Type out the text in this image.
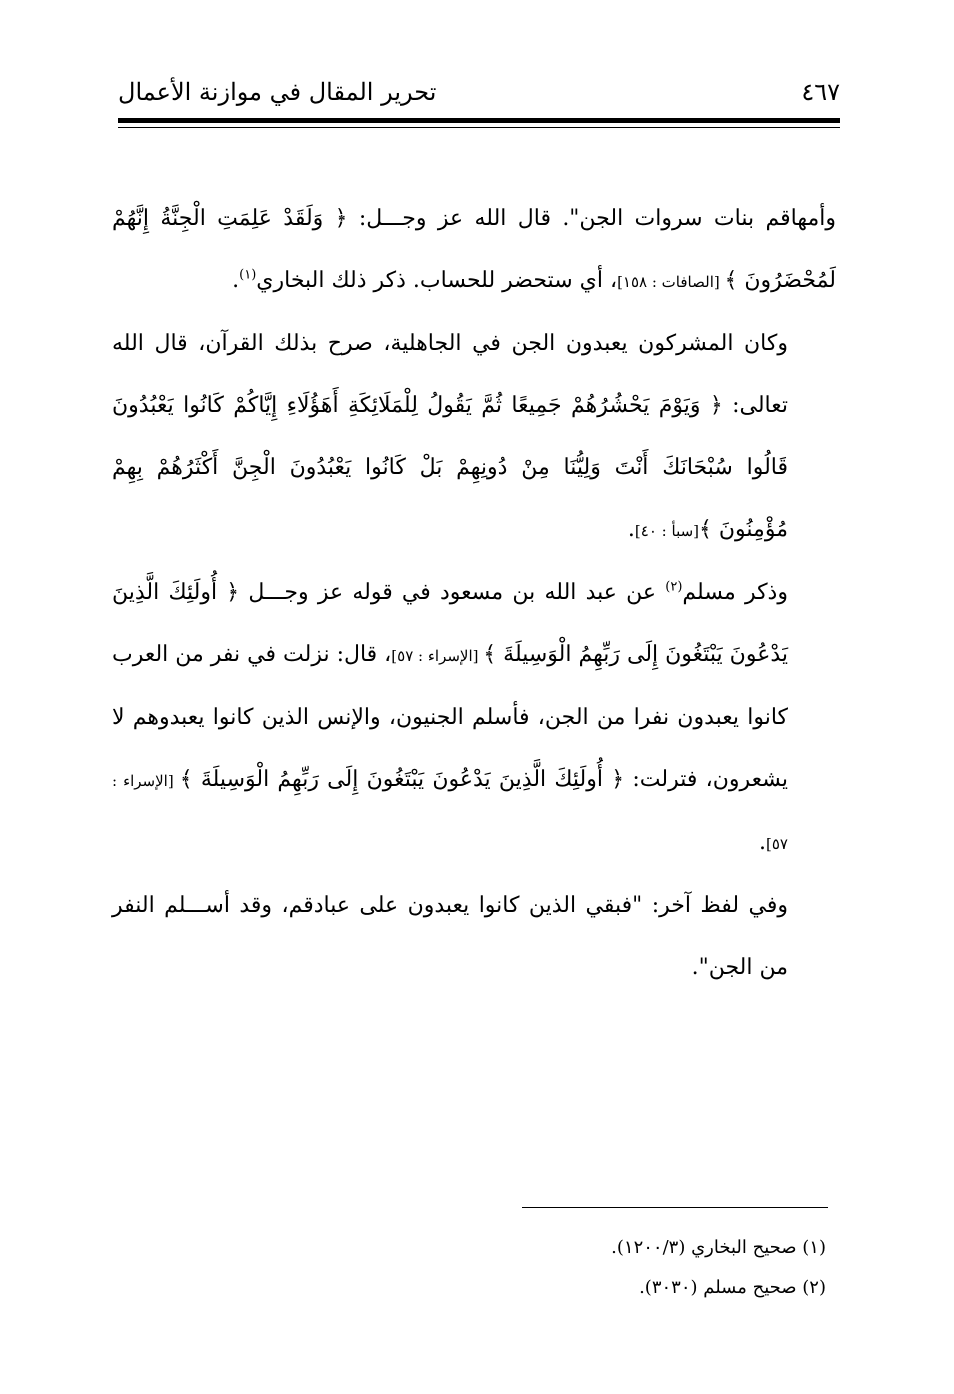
٤٦٧
تحرير المقال في موازنة الأعمال

وأمهاقم بنات سروات الجن". قال الله عز وجـــل: ﴿ وَلَقَدْ عَلِمَتِ الْجِنَّةُ إِنَّهُمْ لَمُحْضَرُونَ ﴾ [الصافات : ١٥٨]، أي ستحضر للحساب. ذكر ذلك البخاري$^{(١)}$.

وكان المشركون يعبدون الجن في الجاهلية، صرح بذلك القرآن، قال الله تعالى: ﴿ وَيَوْمَ يَحْشُرُهُمْ جَمِيعًا ثُمَّ يَقُولُ لِلْمَلَائِكَةِ أَهَؤُلَاءِ إِيَّاكُمْ كَانُوا يَعْبُدُونَ قَالُوا سُبْحَانَكَ أَنْتَ وَلِيُّنَا مِنْ دُونِهِمْ بَلْ كَانُوا يَعْبُدُونَ الْجِنَّ أَكْثَرُهُمْ بِهِمْ مُؤْمِنُونَ ﴾[سبأ : ٤٠].

وذكر مسلم$^{(٢)}$ عن عبد الله بن مسعود في قوله عز وجـــل ﴿ أُولَئِكَ الَّذِينَ يَدْعُونَ يَبْتَغُونَ إِلَى رَبِّهِمُ الْوَسِيلَةَ ﴾ [الإسراء : ٥٧]، قال: نزلت في نفر من العرب كانوا يعبدون نفرا من الجن، فأسلم الجنيون، والإنس الذين كانوا يعبدوهم لا يشعرون، فترلت: ﴿ أُولَئِكَ الَّذِينَ يَدْعُونَ يَبْتَغُونَ إِلَى رَبِّهِمُ الْوَسِيلَةَ ﴾ [الإسراء : ٥٧].

وفي لفظ آخر: "فبقي الذين كانوا يعبدون على عبادقم، وقد أســـلم النفر من الجن".

(١) صحيح البخاري (١٢٠٠/٣).
(٢) صحيح مسلم (٣٠٣٠).
